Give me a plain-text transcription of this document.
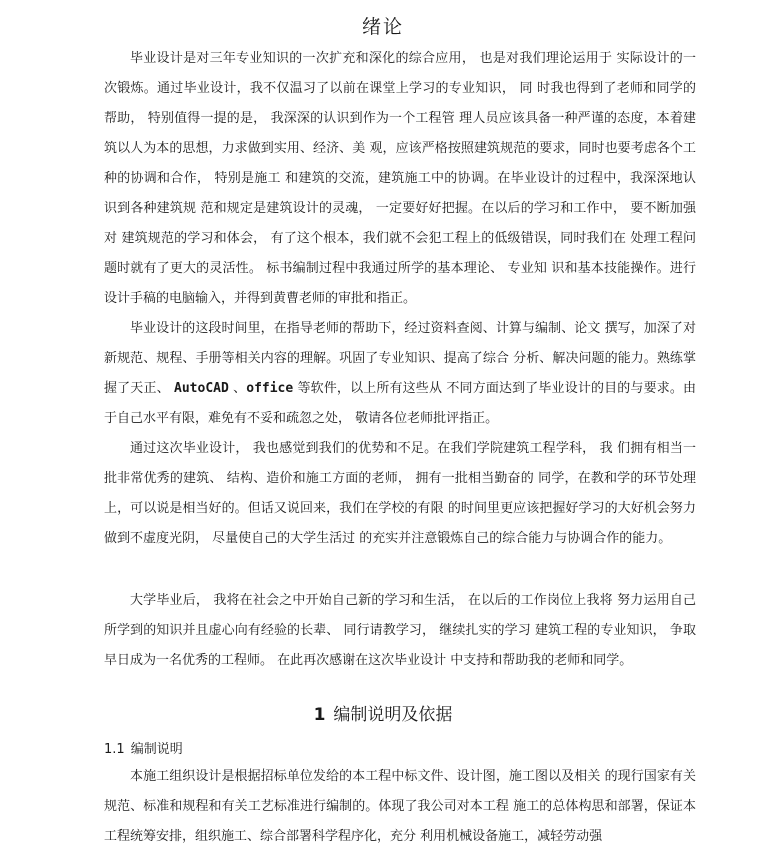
绪论

毕业设计是对三年专业知识的一次扩充和深化的综合应用， 也是对我们理论运用于 实际设计的一次锻炼。通过毕业设计，我不仅温习了以前在课堂上学习的专业知识， 同 时我也得到了老师和同学的帮助， 特别值得一提的是， 我深深的认识到作为一个工程管 理人员应该具备一种严谨的态度，本着建筑以人为本的思想，力求做到实用、经济、美 观，应该严格按照建筑规范的要求，同时也要考虑各个工种的协调和合作， 特别是施工 和建筑的交流，建筑施工中的协调。在毕业设计的过程中，我深深地认识到各种建筑规 范和规定是建筑设计的灵魂， 一定要好好把握。在以后的学习和工作中， 要不断加强对 建筑规范的学习和体会， 有了这个根本，我们就不会犯工程上的低级错误，同时我们在 处理工程问题时就有了更大的灵活性。 标书编制过程中我通过所学的基本理论、 专业知 识和基本技能操作。进行设计手稿的电脑输入，并得到黄曹老师的审批和指正。

毕业设计的这段时间里，在指导老师的帮助下，经过资料查阅、计算与编制、论文 撰写，加深了对新规范、规程、手册等相关内容的理解。巩固了专业知识、提高了综合 分析、解决问题的能力。熟练掌握了天正、 AutoCAD 、office 等软件，以上所有这些从 不同方面达到了毕业设计的目的与要求。由于自己水平有限，难免有不妥和疏忽之处， 敬请各位老师批评指正。

通过这次毕业设计， 我也感觉到我们的优势和不足。在我们学院建筑工程学科， 我 们拥有相当一批非常优秀的建筑、 结构、造价和施工方面的老师， 拥有一批相当勤奋的 同学，在教和学的环节处理上，可以说是相当好的。但话又说回来，我们在学校的有限 的时间里更应该把握好学习的大好机会努力做到不虚度光阴， 尽量使自己的大学生活过 的充实并注意锻炼自己的综合能力与协调合作的能力。

大学毕业后， 我将在社会之中开始自己新的学习和生活， 在以后的工作岗位上我将 努力运用自己所学到的知识并且虚心向有经验的长辈、 同行请教学习， 继续扎实的学习 建筑工程的专业知识， 争取早日成为一名优秀的工程师。 在此再次感谢在这次毕业设计 中支持和帮助我的老师和同学。

1 编制说明及依据
1.1 编制说明

本施工组织设计是根据招标单位发给的本工程中标文件、设计图，施工图以及相关 的现行国家有关规范、标准和规程和有关工艺标准进行编制的。体现了我公司对本工程 施工的总体构思和部署，保证本工程统筹安排，组织施工、综合部署科学程序化，充分 利用机械设备施工，减轻劳动强
